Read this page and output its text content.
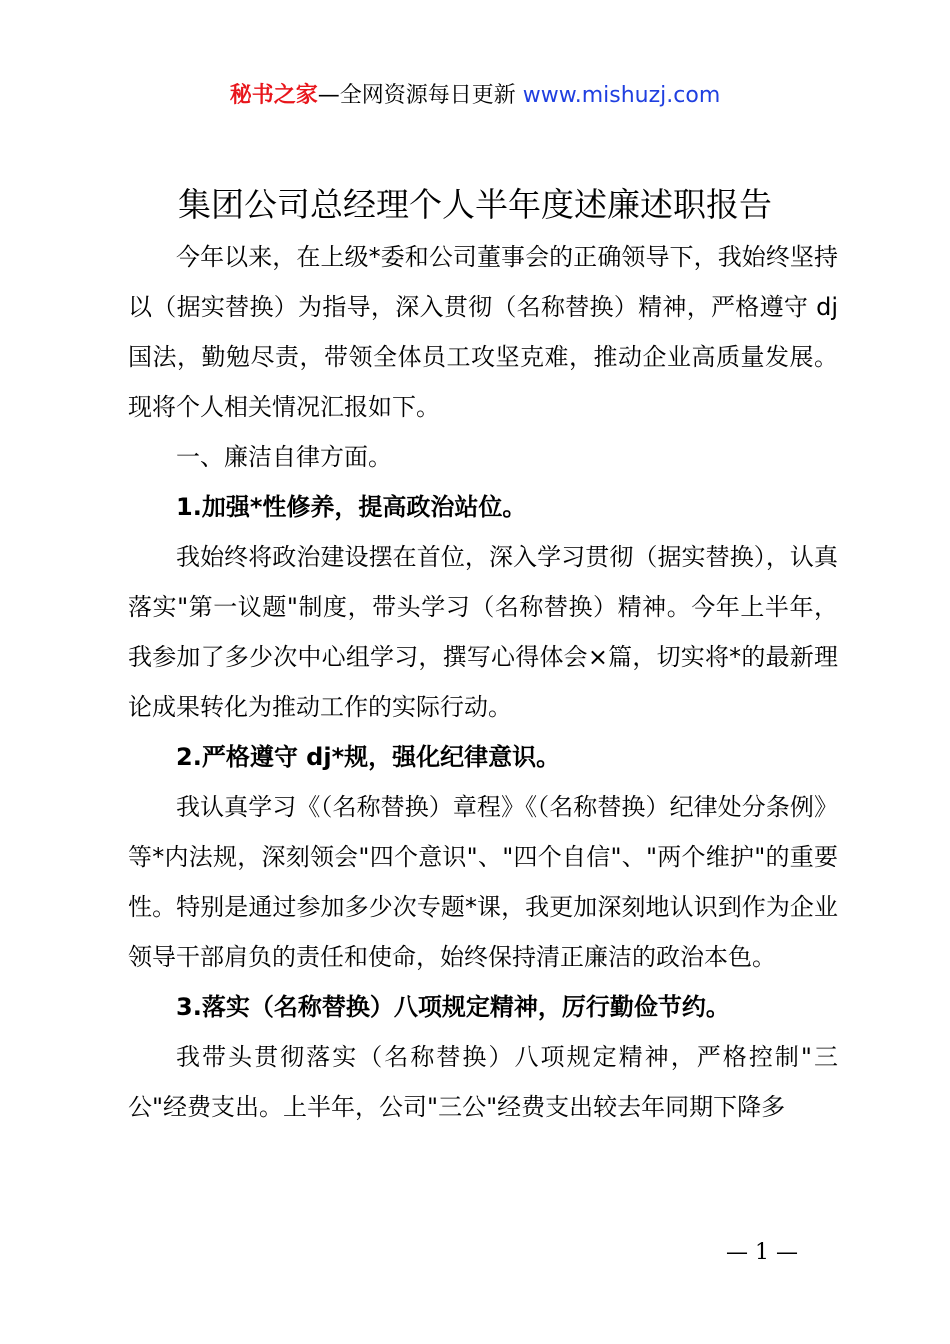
秘书之家—全网资源每日更新 www.mishuzj.com
集团公司总经理个人半年度述廉述职报告

今年以来，在上级*委和公司董事会的正确领导下，我始终坚持以（据实替换）为指导，深入贯彻（名称替换）精神，严格遵守 dj 国法，勤勉尽责，带领全体员工攻坚克难，推动企业高质量发展。现将个人相关情况汇报如下。

一、廉洁自律方面。

1.加强*性修养，提高政治站位。

我始终将政治建设摆在首位，深入学习贯彻（据实替换），认真落实"第一议题"制度，带头学习（名称替换）精神。今年上半年，我参加了多少次中心组学习，撰写心得体会×篇，切实将*的最新理论成果转化为推动工作的实际行动。

2.严格遵守 dj*规，强化纪律意识。

我认真学习《（名称替换）章程》《（名称替换）纪律处分条例》等*内法规，深刻领会"四个意识"、"四个自信"、"两个维护"的重要性。特别是通过参加多少次专题*课，我更加深刻地认识到作为企业领导干部肩负的责任和使命，始终保持清正廉洁的政治本色。

3.落实（名称替换）八项规定精神，厉行勤俭节约。

我带头贯彻落实（名称替换）八项规定精神，严格控制"三公"经费支出。上半年，公司"三公"经费支出较去年同期下降多

— 1 —
